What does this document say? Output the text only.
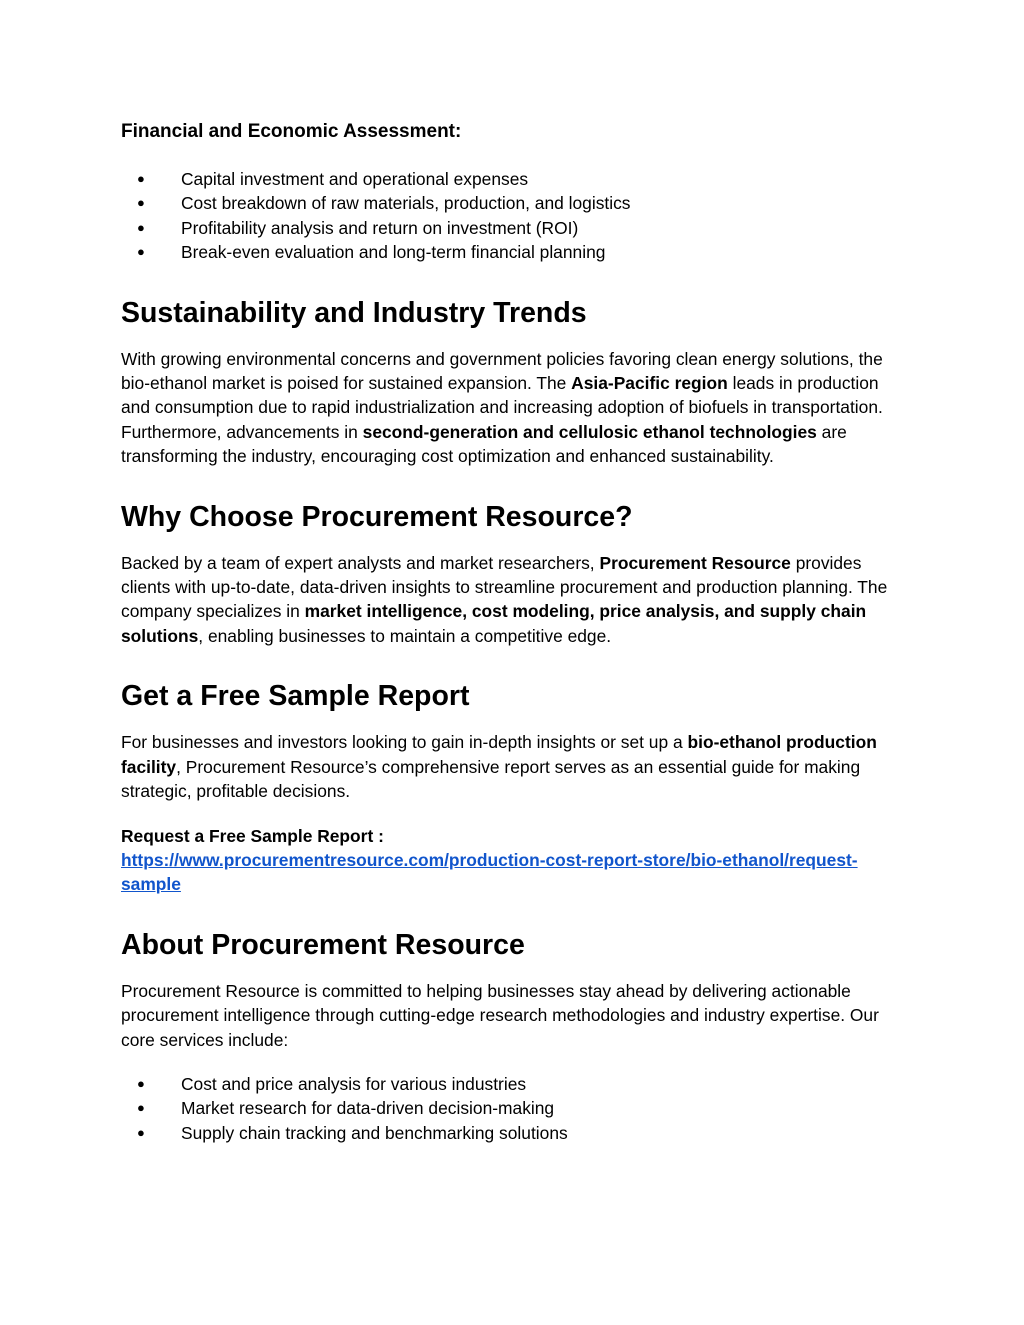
Financial and Economic Assessment:
● Capital investment and operational expenses
● Cost breakdown of raw materials, production, and logistics
● Profitability analysis and return on investment (ROI)
● Break-even evaluation and long-term financial planning
Sustainability and Industry Trends

With growing environmental concerns and government policies favoring clean energy solutions, the bio-ethanol market is poised for sustained expansion. The Asia-Pacific region leads in production and consumption due to rapid industrialization and increasing adoption of biofuels in transportation. Furthermore, advancements in second-generation and cellulosic ethanol technologies are transforming the industry, encouraging cost optimization and enhanced sustainability.

Why Choose Procurement Resource?

Backed by a team of expert analysts and market researchers, Procurement Resource provides clients with up-to-date, data-driven insights to streamline procurement and production planning. The company specializes in market intelligence, cost modeling, price analysis, and supply chain solutions, enabling businesses to maintain a competitive edge.

Get a Free Sample Report

For businesses and investors looking to gain in-depth insights or set up a bio-ethanol production facility, Procurement Resource’s comprehensive report serves as an essential guide for making strategic, profitable decisions.

Request a Free Sample Report :
https://www.procurementresource.com/production-cost-report-store/bio-ethanol/request-
sample

About Procurement Resource

Procurement Resource is committed to helping businesses stay ahead by delivering actionable procurement intelligence through cutting-edge research methodologies and industry expertise. Our core services include:

● Cost and price analysis for various industries
● Market research for data-driven decision-making
● Supply chain tracking and benchmarking solutions
